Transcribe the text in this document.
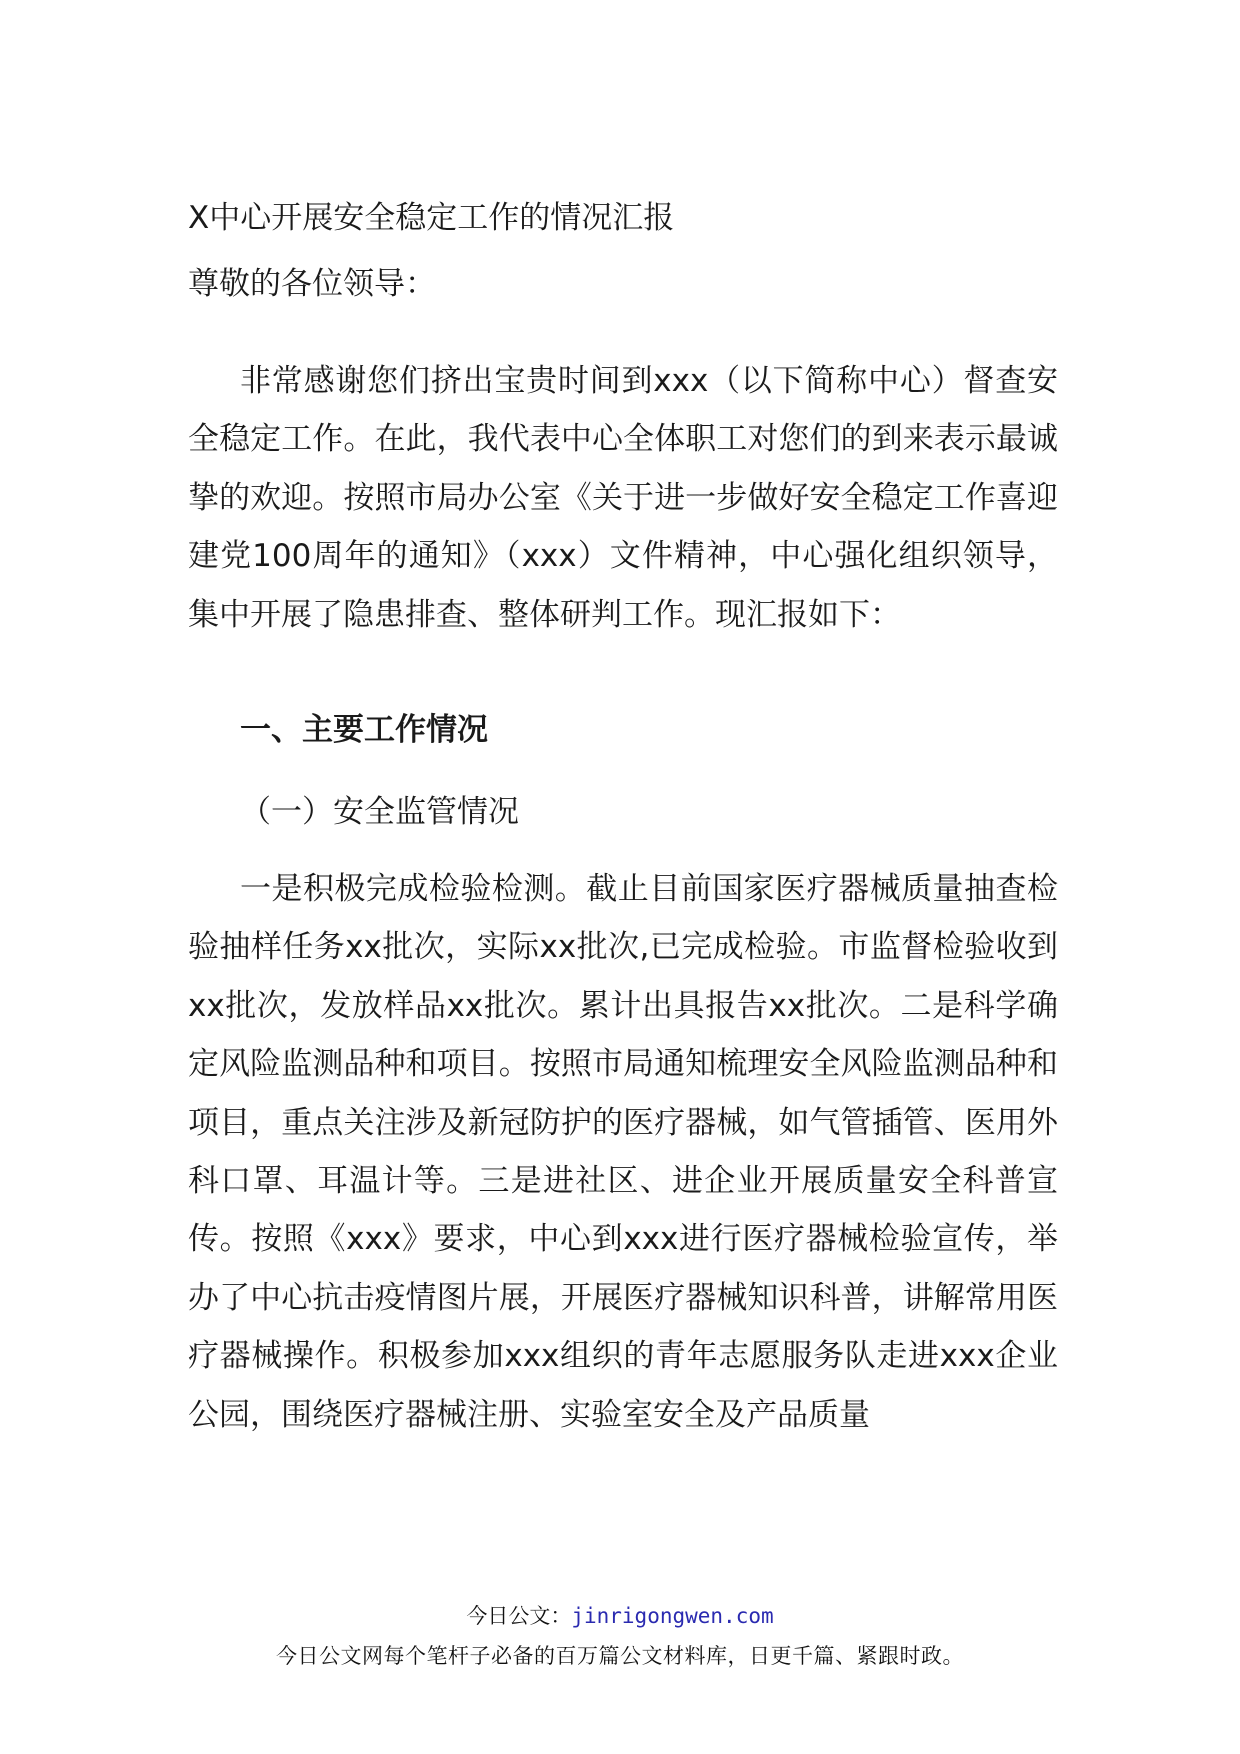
X中心开展安全稳定工作的情况汇报
尊敬的各位领导：
非常感谢您们挤出宝贵时间到xxx（以下简称中心）督查安全稳定工作。在此，我代表中心全体职工对您们的到来表示最诚挚的欢迎。按照市局办公室《关于进一步做好安全稳定工作喜迎建党100周年的通知》（xxx）文件精神，中心强化组织领导，集中开展了隐患排查、整体研判工作。现汇报如下：
一、主要工作情况
（一）安全监管情况
一是积极完成检验检测。截止目前国家医疗器械质量抽查检验抽样任务xx批次，实际xx批次,已完成检验。市监督检验收到xx批次，发放样品xx批次。累计出具报告xx批次。二是科学确定风险监测品种和项目。按照市局通知梳理安全风险监测品种和项目，重点关注涉及新冠防护的医疗器械，如气管插管、医用外科口罩、耳温计等。三是进社区、进企业开展质量安全科普宣传。按照《xxx》要求，中心到xxx进行医疗器械检验宣传，举办了中心抗击疫情图片展，开展医疗器械知识科普，讲解常用医疗器械操作。积极参加xxx组织的青年志愿服务队走进xxx企业公园，围绕医疗器械注册、实验室安全及产品质量
今日公文：jinrigongwen.com
今日公文网每个笔杆子必备的百万篇公文材料库，日更千篇、紧跟时政。
